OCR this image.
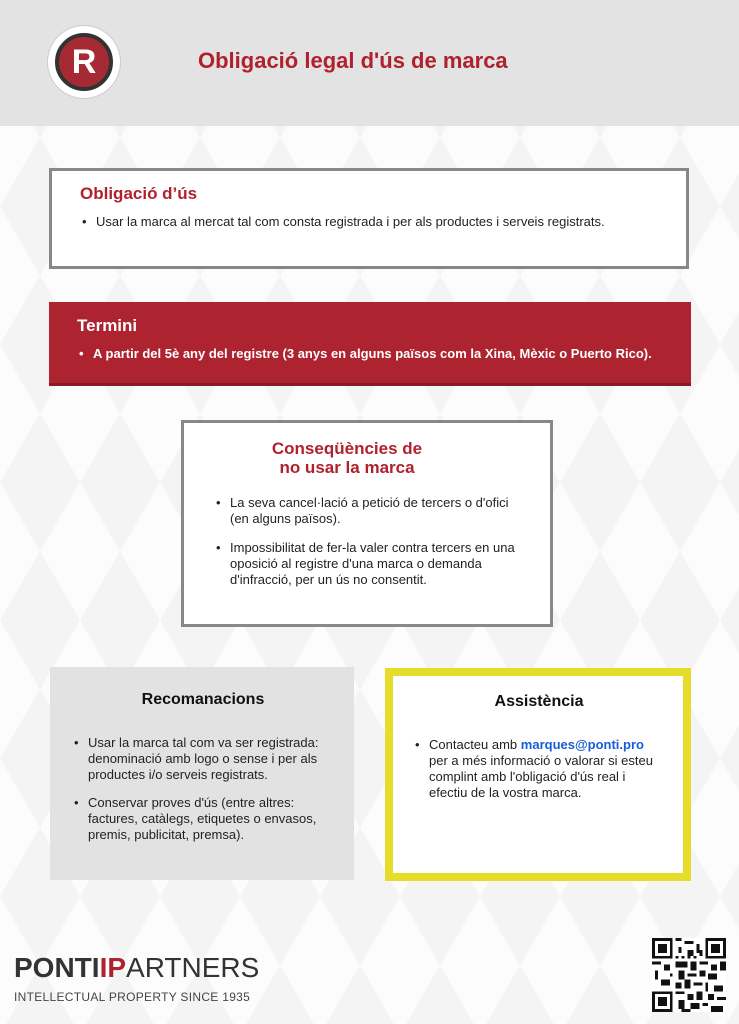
R	Obligació legal d'ús de marca
Obligació d’ús
• Usar la marca al mercat tal com consta registrada i per als productes i serveis registrats.
Termini
• A partir del 5è any del registre (3 anys en alguns països com la Xina, Mèxic o Puerto Rico).
Conseqüències de
no usar la marca
• La seva cancel·lació a petició de tercers o d'ofici (en alguns països).
• Impossibilitat de fer-la valer contra tercers en una oposició al registre d'una marca o demanda d'infracció, per un ús no consentit.
Recomanacions
• Usar la marca tal com va ser registrada: denominació amb logo o sense i per als productes i/o serveis registrats.
• Conservar proves d'ús (entre altres: factures, catàlegs, etiquetes o envasos, premis, publicitat, premsa).
Assistència
• Contacteu amb marques@ponti.pro per a més informació o valorar si esteu complint amb l'obligació d'ús real i efectiu de la vostra marca.
PONTIIPARTNERS
INTELLECTUAL PROPERTY SINCE 1935
